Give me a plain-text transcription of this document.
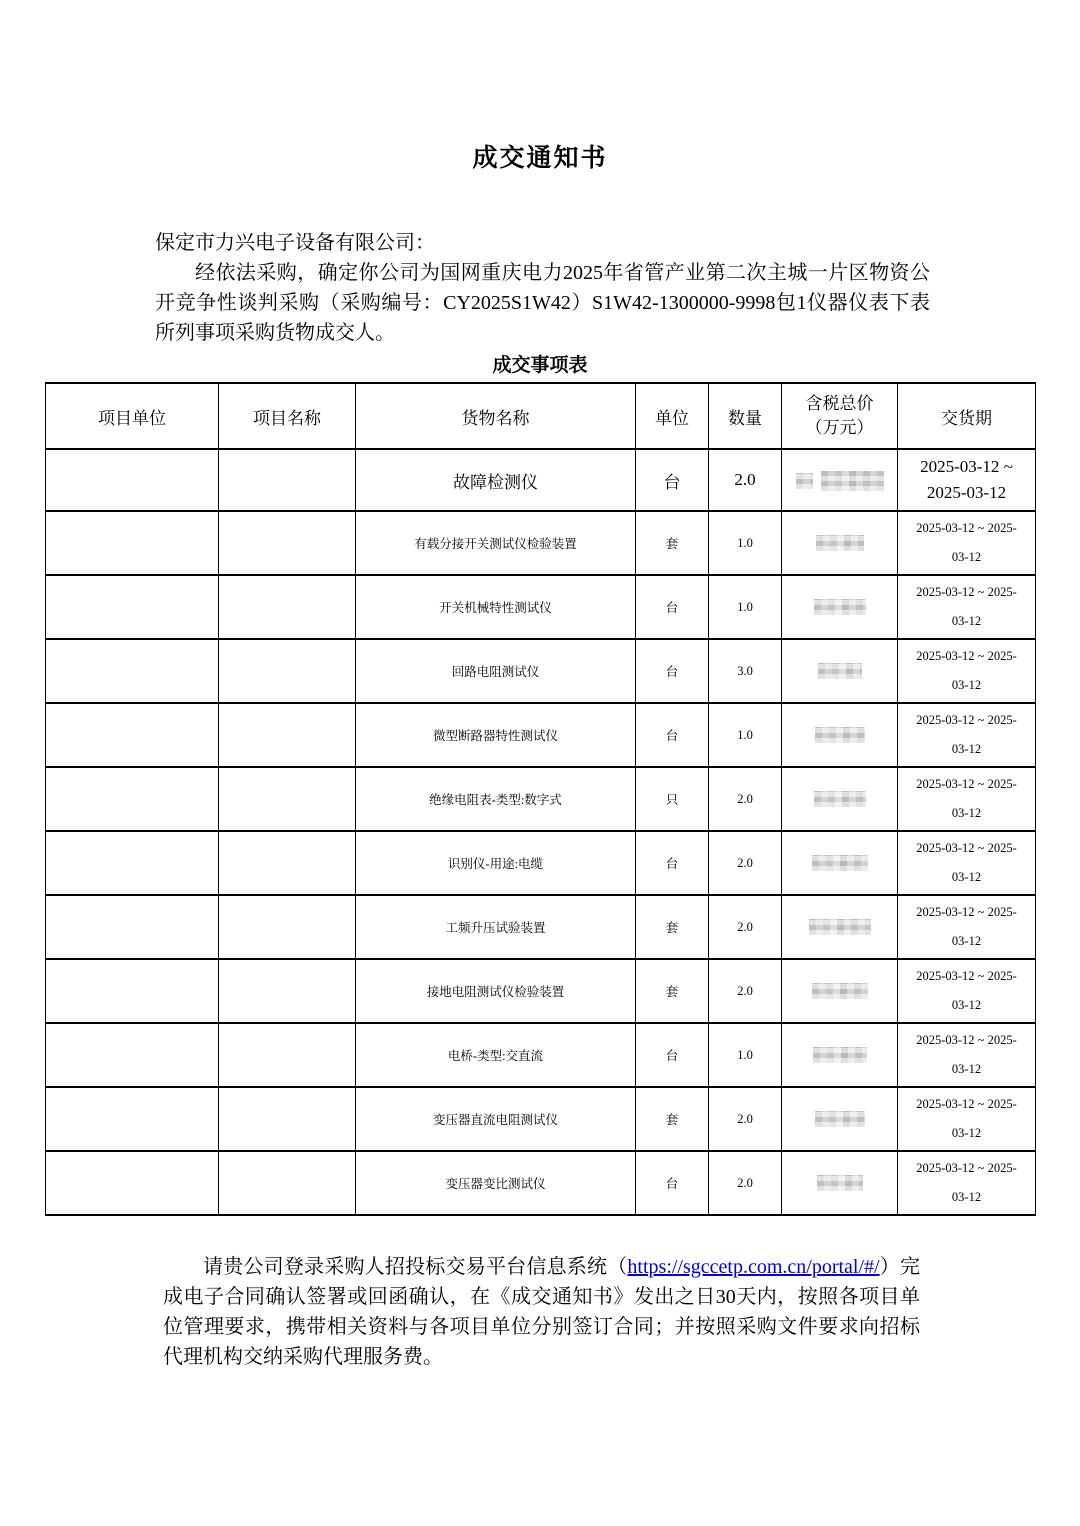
成交通知书
保定市力兴电子设备有限公司：

经依法采购，确定你公司为国网重庆电力2025年省管产业第二次主城一片区物资公开竞争性谈判采购（采购编号：CY2025S1W42）S1W42-1300000-9998包1仪器仪表下表所列事项采购货物成交人。

成交事项表
项目单位	项目名称	货物名称	单位	数量	含税总价
（万元）	交货期
		故障检测仪	台	2.0		2025-03-12 ~
2025-03-12

		有载分接开关测试仪检验装置	套	1.0		2025-03-12 ~ 2025-
03-12

		开关机械特性测试仪	台	1.0		2025-03-12 ~ 2025-
03-12

		回路电阻测试仪	台	3.0		2025-03-12 ~ 2025-
03-12

		微型断路器特性测试仪	台	1.0		2025-03-12 ~ 2025-
03-12

		绝缘电阻表-类型:数字式	只	2.0		2025-03-12 ~ 2025-
03-12

		识别仪-用途:电缆	台	2.0		2025-03-12 ~ 2025-
03-12

		工频升压试验装置	套	2.0		2025-03-12 ~ 2025-
03-12

		接地电阻测试仪检验装置	套	2.0		2025-03-12 ~ 2025-
03-12

		电桥-类型:交直流	台	1.0		2025-03-12 ~ 2025-
03-12

		变压器直流电阻测试仪	套	2.0		2025-03-12 ~ 2025-
03-12

		变压器变比测试仪	台	2.0		2025-03-12 ~ 2025-
03-12

请贵公司登录采购人招投标交易平台信息系统（https://sgccetp.com.cn/portal/#/）完成电子合同确认签署或回函确认，在《成交通知书》发出之日30天内，按照各项目单位管理要求，携带相关资料与各项目单位分别签订合同；并按照采购文件要求向招标代理机构交纳采购代理服务费。
